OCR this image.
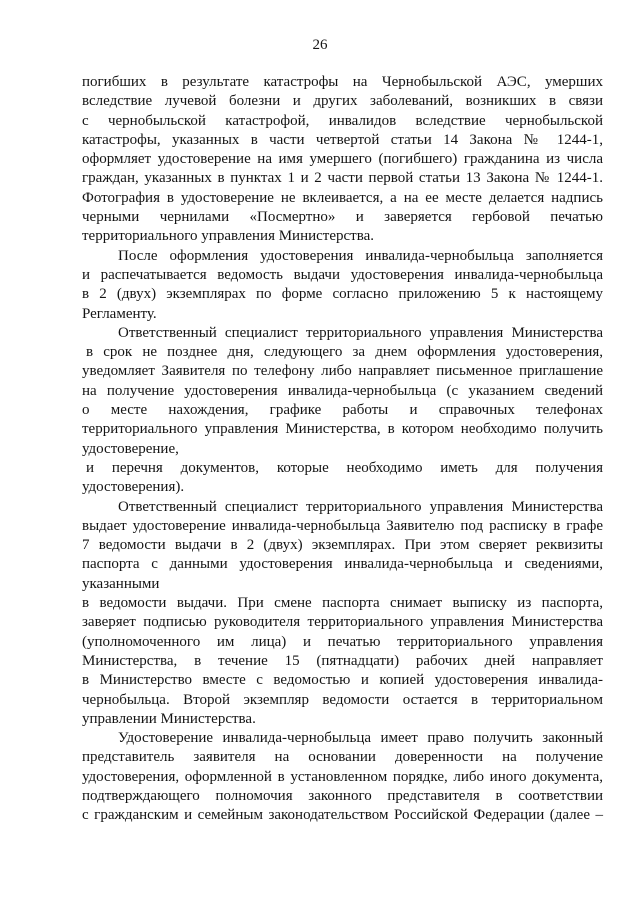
26
погибших в результате катастрофы на Чернобыльской АЭС, умерших
вследствие лучевой болезни и других заболеваний, возникших в связи
с чернобыльской катастрофой, инвалидов вследствие чернобыльской
катастрофы, указанных в части четвертой статьи 14 Закона № 1244-1,
оформляет удостоверение на имя умершего (погибшего) гражданина из числа
граждан, указанных в пунктах 1 и 2 части первой статьи 13 Закона № 1244-1.
Фотография в удостоверение не вклеивается, а на ее месте делается надпись
черными чернилами «Посмертно» и заверяется гербовой печатью
территориального управления Министерства.
После оформления удостоверения инвалида-чернобыльца заполняется
и распечатывается ведомость выдачи удостоверения инвалида-чернобыльца
в 2 (двух) экземплярах по форме согласно приложению 5 к настоящему
Регламенту.
Ответственный специалист территориального управления Министерства
в срок не позднее дня, следующего за днем оформления удостоверения,
уведомляет Заявителя по телефону либо направляет письменное приглашение
на получение удостоверения инвалида-чернобыльца (с указанием сведений
о месте нахождения, графике работы и справочных телефонах
территориального управления Министерства, в котором необходимо получить
удостоверение,
и перечня документов, которые необходимо иметь для получения
удостоверения).
Ответственный специалист территориального управления Министерства
выдает удостоверение инвалида-чернобыльца Заявителю под расписку в графе
7 ведомости выдачи в 2 (двух) экземплярах. При этом сверяет реквизиты
паспорта с данными удостоверения инвалида-чернобыльца и сведениями,
указанными
в ведомости выдачи. При смене паспорта снимает выписку из паспорта,
заверяет подписью руководителя территориального управления Министерства
(уполномоченного им лица) и печатью территориального управления
Министерства, в течение 15 (пятнадцати) рабочих дней направляет
в Министерство вместе с ведомостью и копией удостоверения инвалида-
чернобыльца. Второй экземпляр ведомости остается в территориальном
управлении Министерства.
Удостоверение инвалида-чернобыльца имеет право получить законный
представитель заявителя на основании доверенности на получение
удостоверения, оформленной в установленном порядке, либо иного документа,
подтверждающего полномочия законного представителя в соответствии
с гражданским и семейным законодательством Российской Федерации (далее –
